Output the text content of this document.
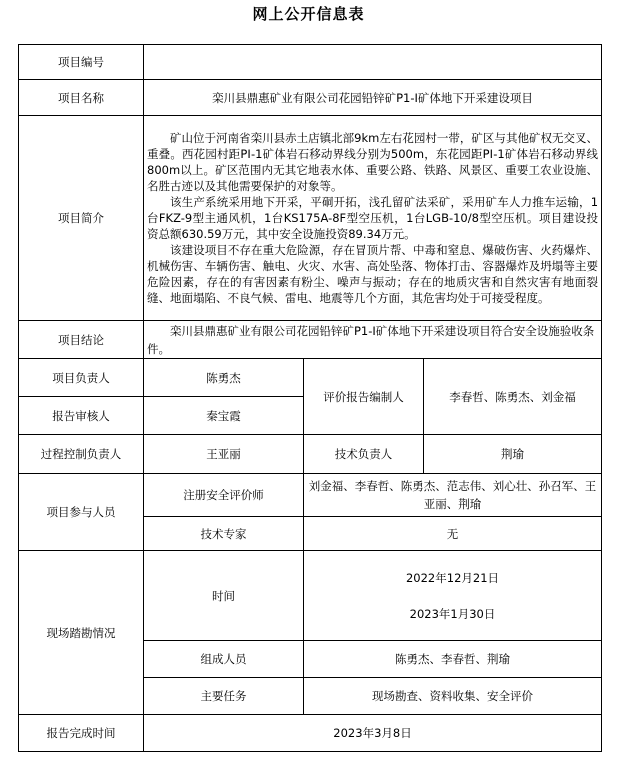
网上公开信息表
项目编号			
项目名称	栾川县鼎惠矿业有限公司花园铅锌矿P1-I矿体地下开采建设项目		
项目简介	矿山位于河南省栾川县赤土店镇北部9km左右花园村一带，矿区与其他矿权无交叉、重叠。西花园村距PⅠ-1矿体岩石移动界线分别为500m，东花园距PⅠ-1矿体岩石移动界线800m以上。矿区范围内无其它地表水体、重要公路、铁路、风景区、重要工农业设施、名胜古迹以及其他需要保护的对象等。

该生产系统采用地下开采，平硐开拓，浅孔留矿法采矿，采用矿车人力推车运输，1台FKZ-9型主通风机，1台KS175A-8F型空压机，1台LGB-10/8型空压机。项目建设投资总额630.59万元，其中安全设施投资89.34万元。

该建设项目不存在重大危险源，存在冒顶片帮、中毒和窒息、爆破伤害、火药爆炸、机械伤害、车辆伤害、触电、火灾、水害、高处坠落、物体打击、容器爆炸及坍塌等主要危险因素，存在的有害因素有粉尘、噪声与振动；存在的地质灾害和自然灾害有地面裂缝、地面塌陷、不良气候、雷电、地震等几个方面，其危害均处于可接受程度。		

项目结论	栾川县鼎惠矿业有限公司花园铅锌矿P1-I矿体地下开采建设项目符合安全设施验收条件。		
项目负责人	陈勇杰	评价报告编制人	李春哲、陈勇杰、刘金福
报告审核人	秦宝霞		
过程控制负责人	王亚丽	技术负责人	荆瑜
项目参与人员	注册安全评价师	刘金福、李春哲、陈勇杰、范志伟、刘心壮、孙召军、王亚丽、荆瑜	
	技术专家	无	
现场踏勘情况	时间	2022年12月21日
2023年1月30日	

	组成人员	陈勇杰、李春哲、荆瑜	
	主要任务	现场勘查、资料收集、安全评价	
报告完成时间	2023年3月8日		
